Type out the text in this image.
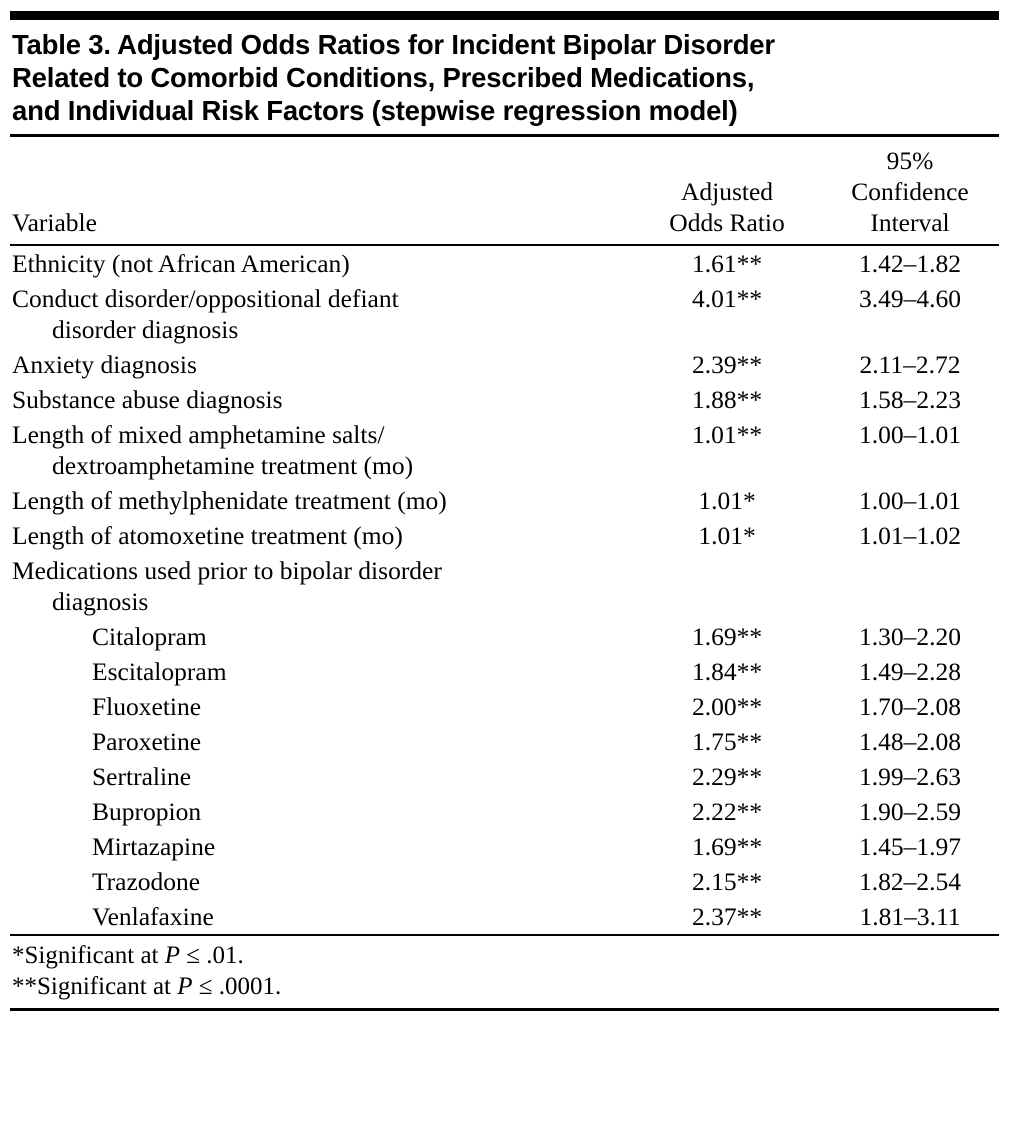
Table 3. Adjusted Odds Ratios for Incident Bipolar Disorder
Related to Comorbid Conditions, Prescribed Medications,
and Individual Risk Factors (stepwise regression model)
Variable

Adjusted
Odds Ratio

95%
Confidence
Interval
Ethnicity (not African American)	1.61**	1.42–1.82
Conduct disorder/oppositional defiant
disorder diagnosis	4.01**	3.49–4.60
Anxiety diagnosis	2.39**	2.11–2.72
Substance abuse diagnosis	1.88**	1.58–2.23
Length of mixed amphetamine salts/
dextroamphetamine treatment (mo)	1.01**	1.00–1.01
Length of methylphenidate treatment (mo)	1.01*	1.00–1.01
Length of atomoxetine treatment (mo)	1.01*	1.01–1.02
Medications used prior to bipolar disorder
diagnosis		

Citalopram	1.69**	1.30–2.20

Escitalopram	1.84**	1.49–2.28

Fluoxetine	2.00**	1.70–2.08

Paroxetine	1.75**	1.48–2.08

Sertraline	2.29**	1.99–2.63

Bupropion	2.22**	1.90–2.59

Mirtazapine	1.69**	1.45–1.97

Trazodone	2.15**	1.82–2.54

Venlafaxine	2.37**	1.81–3.11
*Significant at P ≤ .01.
**Significant at P ≤ .0001.
